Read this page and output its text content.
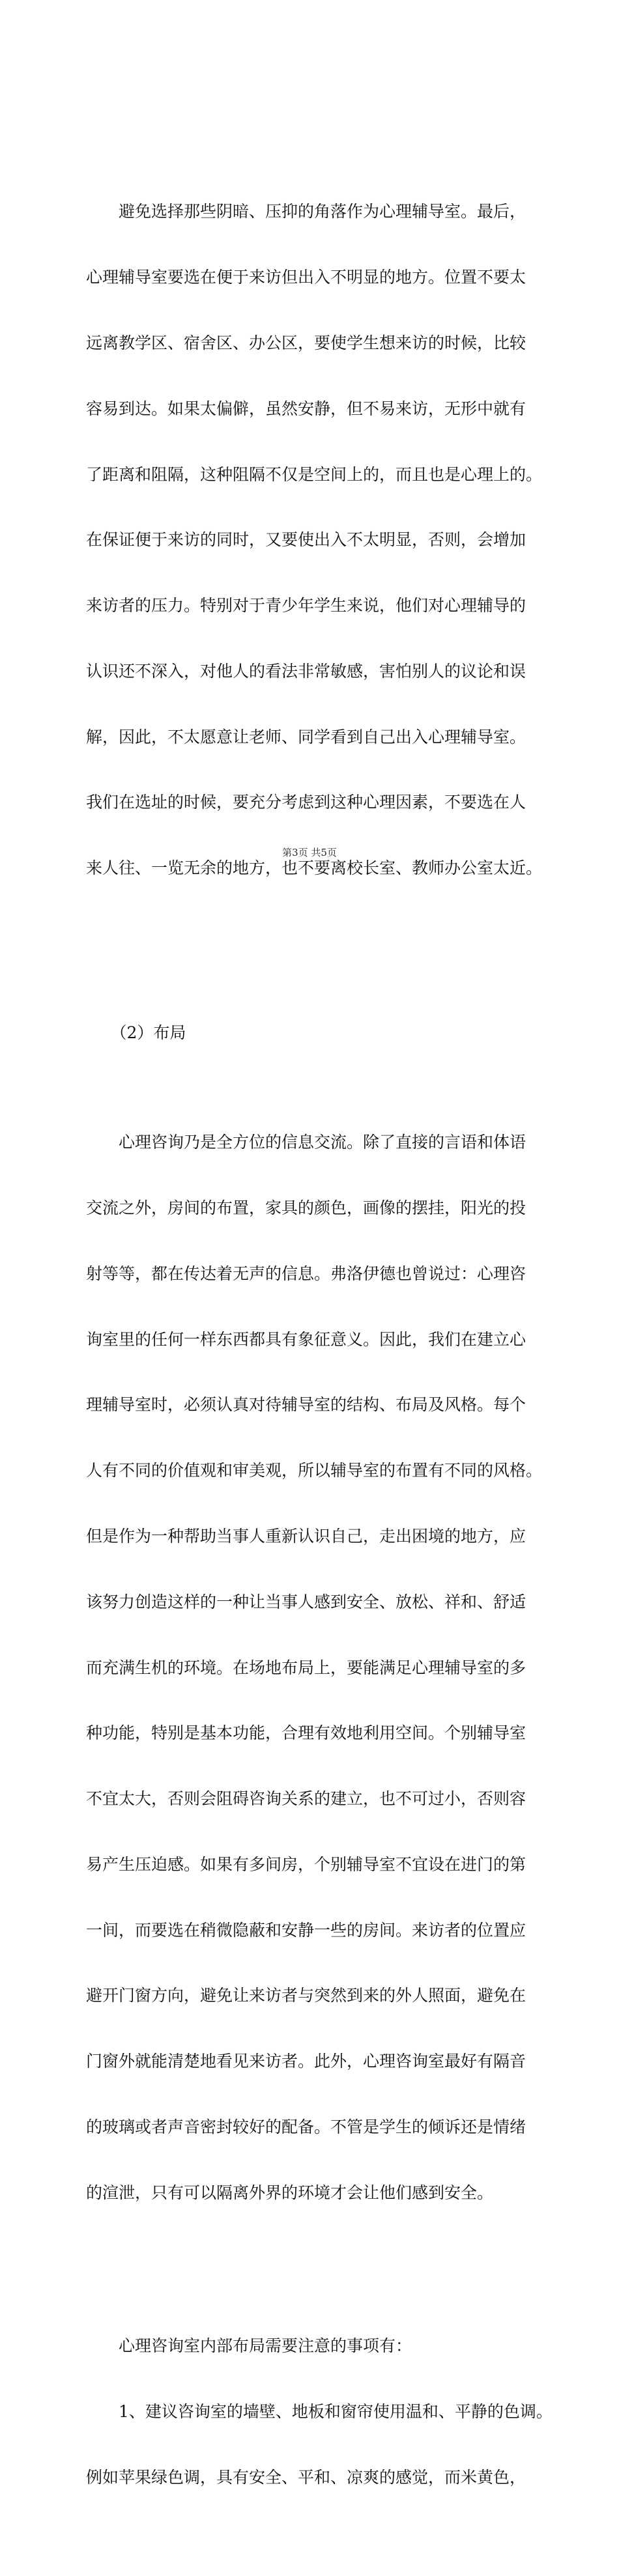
　　避免选择那些阴暗、压抑的角落作为心理辅导室。最后，

心理辅导室要选在便于来访但出入不明显的地方。位置不要太

远离教学区、宿舍区、办公区，要使学生想来访的时候，比较

容易到达。如果太偏僻，虽然安静，但不易来访，无形中就有

了距离和阻隔，这种阻隔不仅是空间上的，而且也是心理上的。

在保证便于来访的同时，又要使出入不太明显，否则，会增加

来访者的压力。特别对于青少年学生来说，他们对心理辅导的

认识还不深入，对他人的看法非常敏感，害怕别人的议论和误

解，因此，不太愿意让老师、同学看到自己出入心理辅导室。

我们在选址的时候，要充分考虑到这种心理因素，不要选在人

来人往、一览无余的地方，也不要离校长室、教师办公室太近。

　　（2）布局

　　心理咨询乃是全方位的信息交流。除了直接的言语和体语

交流之外，房间的布置，家具的颜色，画像的摆挂，阳光的投

射等等，都在传达着无声的信息。弗洛伊德也曾说过：心理咨

询室里的任何一样东西都具有象征意义。因此，我们在建立心

理辅导室时，必须认真对待辅导室的结构、布局及风格。每个

人有不同的价值观和审美观，所以辅导室的布置有不同的风格。

但是作为一种帮助当事人重新认识自己，走出困境的地方，应

该努力创造这样的一种让当事人感到安全、放松、祥和、舒适

而充满生机的环境。在场地布局上，要能满足心理辅导室的多

种功能，特别是基本功能，合理有效地利用空间。个别辅导室

不宜太大，否则会阻碍咨询关系的建立，也不可过小，否则容

易产生压迫感。如果有多间房，个别辅导室不宜设在进门的第

一间，而要选在稍微隐蔽和安静一些的房间。来访者的位置应

避开门窗方向，避免让来访者与突然到来的外人照面，避免在

门窗外就能清楚地看见来访者。此外，心理咨询室最好有隔音

的玻璃或者声音密封较好的配备。不管是学生的倾诉还是情绪

的渲泄，只有可以隔离外界的环境才会让他们感到安全。

　　心理咨询室内部布局需要注意的事项有：

　　1、建议咨询室的墙壁、地板和窗帘使用温和、平静的色调。

例如苹果绿色调，具有安全、平和、凉爽的感觉，而米黄色，

第3页 共5页
